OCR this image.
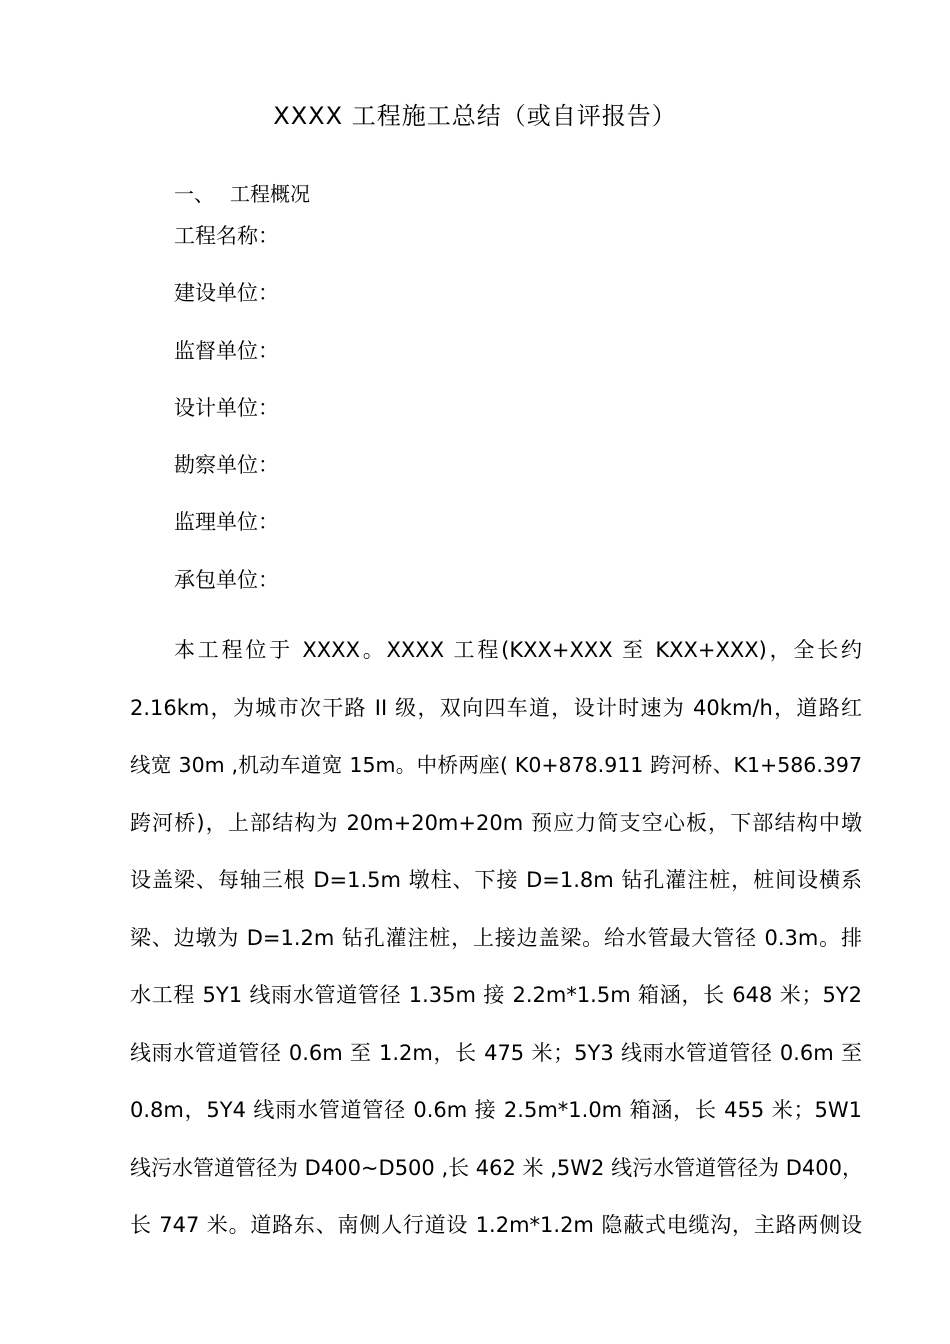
XXXX 工程施工总结（或自评报告）
一、 工程概况
工程名称：
建设单位：
监督单位：
设计单位：
勘察单位：
监理单位：
承包单位：
本工程位于 XXXX。XXXX 工程(KXX+XXX 至 KXX+XXX)，全长约
2.16km，为城市次干路 II 级，双向四车道，设计时速为 40km/h，道路红
线宽 30m ,机动车道宽 15m。中桥两座( K0+878.911 跨河桥、K1+586.397
跨河桥)，上部结构为 20m+20m+20m 预应力简支空心板，下部结构中墩
设盖梁、每轴三根 D=1.5m 墩柱、下接 D=1.8m 钻孔灌注桩，桩间设横系
梁、边墩为 D=1.2m 钻孔灌注桩，上接边盖梁。给水管最大管径 0.3m。排
水工程 5Y1 线雨水管道管径 1.35m 接 2.2m*1.5m 箱涵，长 648 米；5Y2
线雨水管道管径 0.6m 至 1.2m，长 475 米；5Y3 线雨水管道管径 0.6m 至
0.8m，5Y4 线雨水管道管径 0.6m 接 2.5m*1.0m 箱涵，长 455 米；5W1
线污水管道管径为 D400~D500 ,长 462 米 ,5W2 线污水管道管径为 D400，
长 747 米。道路东、南侧人行道设 1.2m*1.2m 隐蔽式电缆沟，主路两侧设
